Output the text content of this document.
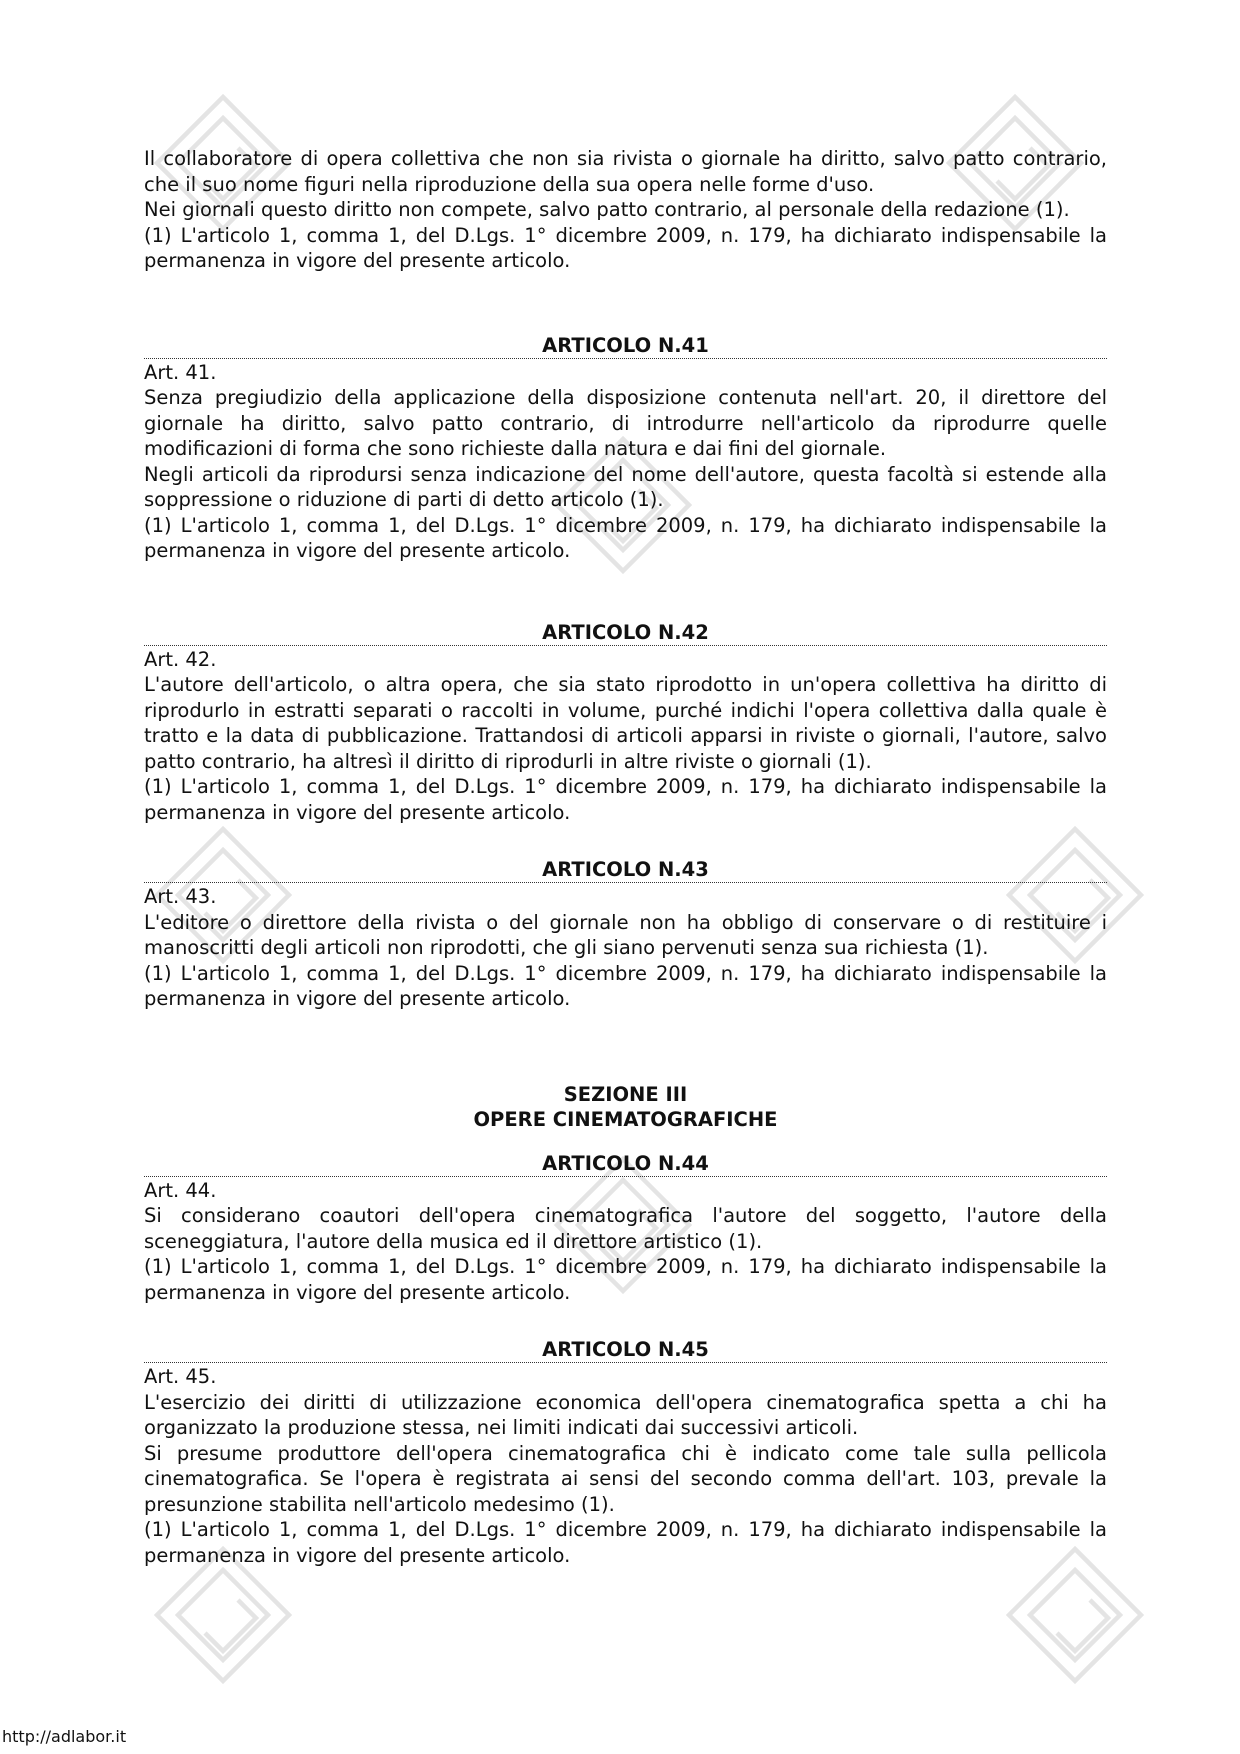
Il collaboratore di opera collettiva che non sia rivista o giornale ha diritto, salvo patto contrario, che il suo nome figuri nella riproduzione della sua opera nelle forme d'uso.

Nei giornali questo diritto non compete, salvo patto contrario, al personale della redazione (1).

(1) L'articolo 1, comma 1, del D.Lgs. 1° dicembre 2009, n. 179, ha dichiarato indispensabile la permanenza in vigore del presente articolo.

ARTICOLO N.41

Art. 41.

Senza pregiudizio della applicazione della disposizione contenuta nell'art. 20, il direttore del giornale ha diritto, salvo patto contrario, di introdurre nell'articolo da riprodurre quelle modificazioni di forma che sono richieste dalla natura e dai fini del giornale.

Negli articoli da riprodursi senza indicazione del nome dell'autore, questa facoltà si estende alla soppressione o riduzione di parti di detto articolo (1).

(1) L'articolo 1, comma 1, del D.Lgs. 1° dicembre 2009, n. 179, ha dichiarato indispensabile la permanenza in vigore del presente articolo.

ARTICOLO N.42

Art. 42.

L'autore dell'articolo, o altra opera, che sia stato riprodotto in un'opera collettiva ha diritto di riprodurlo in estratti separati o raccolti in volume, purché indichi l'opera collettiva dalla quale è tratto e la data di pubblicazione. Trattandosi di articoli apparsi in riviste o giornali, l'autore, salvo patto contrario, ha altresì il diritto di riprodurli in altre riviste o giornali (1).

(1) L'articolo 1, comma 1, del D.Lgs. 1° dicembre 2009, n. 179, ha dichiarato indispensabile la permanenza in vigore del presente articolo.

ARTICOLO N.43

Art. 43.

L'editore o direttore della rivista o del giornale non ha obbligo di conservare o di restituire i manoscritti degli articoli non riprodotti, che gli siano pervenuti senza sua richiesta (1).

(1) L'articolo 1, comma 1, del D.Lgs. 1° dicembre 2009, n. 179, ha dichiarato indispensabile la permanenza in vigore del presente articolo.

SEZIONE III

OPERE CINEMATOGRAFICHE

ARTICOLO N.44

Art. 44.

Si considerano coautori dell'opera cinematografica l'autore del soggetto, l'autore della sceneggiatura, l'autore della musica ed il direttore artistico (1).

(1) L'articolo 1, comma 1, del D.Lgs. 1° dicembre 2009, n. 179, ha dichiarato indispensabile la permanenza in vigore del presente articolo.

ARTICOLO N.45

Art. 45.

L'esercizio dei diritti di utilizzazione economica dell'opera cinematografica spetta a chi ha organizzato la produzione stessa, nei limiti indicati dai successivi articoli.

Si presume produttore dell'opera cinematografica chi è indicato come tale sulla pellicola cinematografica. Se l'opera è registrata ai sensi del secondo comma dell'art. 103, prevale la presunzione stabilita nell'articolo medesimo (1).

(1) L'articolo 1, comma 1, del D.Lgs. 1° dicembre 2009, n. 179, ha dichiarato indispensabile la permanenza in vigore del presente articolo.

http://adlabor.it
